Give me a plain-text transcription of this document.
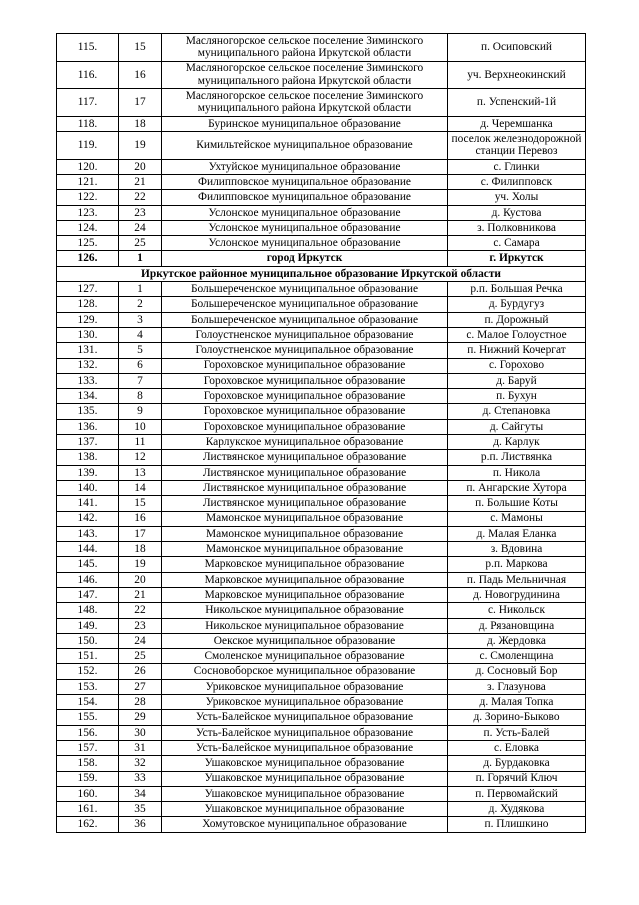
115.	15	Масляногорское сельское поселение Зиминского муниципального района Иркутской области	п. Осиповский
116.	16	Масляногорское сельское поселение Зиминского муниципального района Иркутской области	уч. Верхнеокинский
117.	17	Масляногорское сельское поселение Зиминского муниципального района Иркутской области	п. Успенский-1й
118.	18	Буринское муниципальное образование	д. Черемшанка
119.	19	Кимильтейское муниципальное образование	поселок железнодорожной станции Перевоз
120.	20	Ухтуйское муниципальное образование	с. Глинки
121.	21	Филипповское муниципальное образование	с. Филипповск
122.	22	Филипповское муниципальное образование	уч. Холы
123.	23	Услонское муниципальное образование	д. Кустова
124.	24	Услонское муниципальное образование	з. Полковникова
125.	25	Услонское муниципальное образование	с. Самара
126.	1	город Иркутск	г. Иркутск
Иркутское районное муниципальное образование Иркутской области			
127.	1	Большереченское муниципальное образование	р.п. Большая Речка
128.	2	Большереченское муниципальное образование	д. Бурдугуз
129.	3	Большереченское муниципальное образование	п. Дорожный
130.	4	Голоустненское муниципальное образование	с. Малое Голоустное
131.	5	Голоустненское муниципальное образование	п. Нижний Кочергат
132.	6	Гороховское муниципальное образование	с. Горохово
133.	7	Гороховское муниципальное образование	д. Баруй
134.	8	Гороховское муниципальное образование	п. Бухун
135.	9	Гороховское муниципальное образование	д. Степановка
136.	10	Гороховское муниципальное образование	д. Сайгуты
137.	11	Карлукское муниципальное образование	д. Карлук
138.	12	Листвянское муниципальное образование	р.п. Листвянка
139.	13	Листвянское муниципальное образование	п. Никола
140.	14	Листвянское муниципальное образование	п. Ангарские Хутора
141.	15	Листвянское муниципальное образование	п. Большие Коты
142.	16	Мамонское муниципальное образование	с. Мамоны
143.	17	Мамонское муниципальное образование	д. Малая Еланка
144.	18	Мамонское муниципальное образование	з. Вдовина
145.	19	Марковское муниципальное образование	р.п. Маркова
146.	20	Марковское муниципальное образование	п. Падь Мельничная
147.	21	Марковское муниципальное образование	д. Новогрудинина
148.	22	Никольское муниципальное образование	с. Никольск
149.	23	Никольское муниципальное образование	д. Рязановщина
150.	24	Оекское муниципальное образование	д. Жердовка
151.	25	Смоленское муниципальное образование	с. Смоленщина
152.	26	Сосновоборское муниципальное образование	д. Сосновый Бор
153.	27	Уриковское муниципальное образование	з. Глазунова
154.	28	Уриковское муниципальное образование	д. Малая Топка
155.	29	Усть-Балейское муниципальное образование	д. Зорино-Быково
156.	30	Усть-Балейское муниципальное образование	п. Усть-Балей
157.	31	Усть-Балейское муниципальное образование	с. Еловка
158.	32	Ушаковское муниципальное образование	д. Бурдаковка
159.	33	Ушаковское муниципальное образование	п. Горячий Ключ
160.	34	Ушаковское муниципальное образование	п. Первомайский
161.	35	Ушаковское муниципальное образование	д. Худякова
162.	36	Хомутовское муниципальное образование	п. Плишкино
